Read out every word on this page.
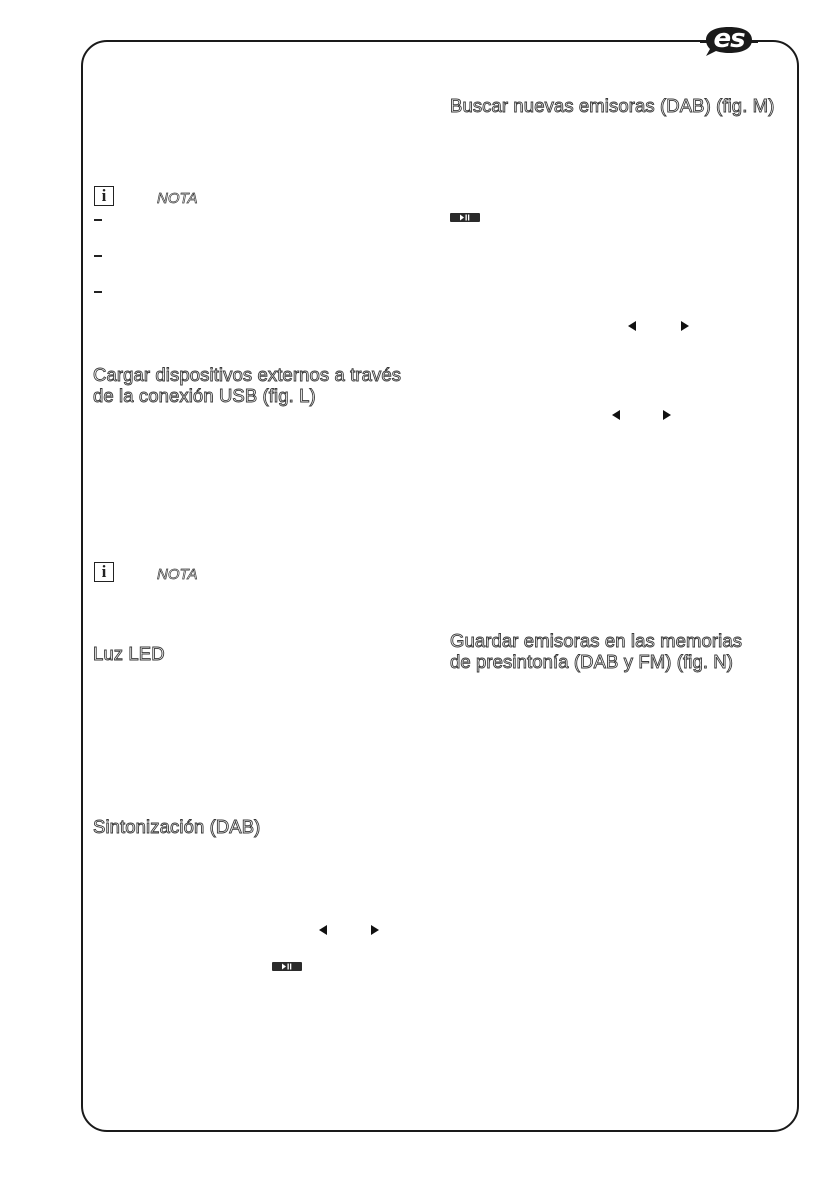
es
i	NOTA
Cargar dispositivos externos a través
de la conexión USB (fig. L)
i	NOTA
Luz LED
Sintonización (DAB)
Buscar nuevas emisoras (DAB) (fig. M)
Guardar emisoras en las memorias
de presintonía (DAB y FM) (fig. N)
